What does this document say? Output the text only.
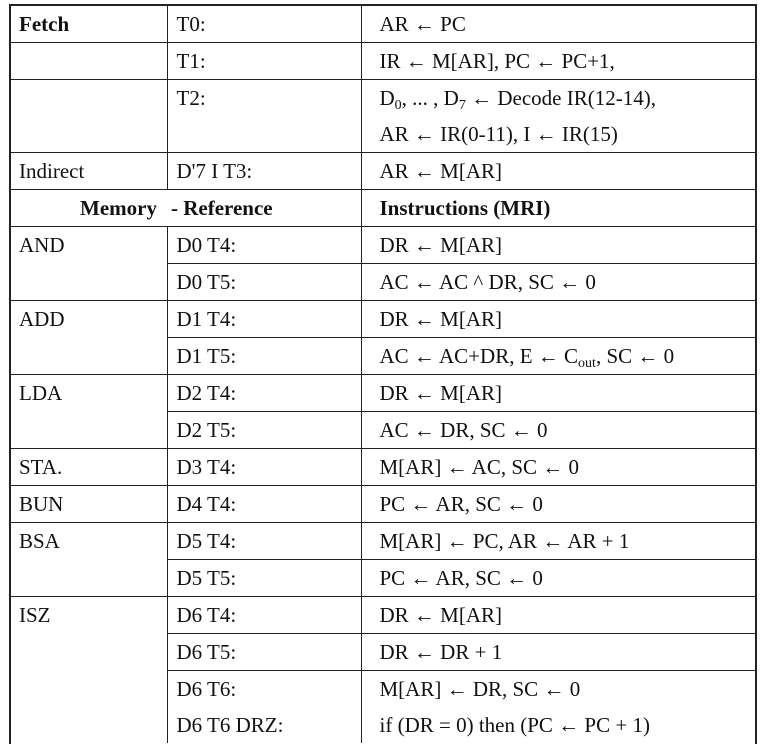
Fetch	T0:	AR ← PC
	T1:	IR ← M[AR], PC ← PC+1,
	T2:	$D_0$, ... , $D_7$ ← Decode IR(12-14),
AR ← IR(0-11), I ← IR(15)

Indirect	D'7 I T3:	AR ← M[AR]
Memory	- Reference	Instructions (MRI)
AND	D0 T4:	DR ← M[AR]
	D0 T5:	AC ← AC ^ DR, SC ← 0
ADD	D1 T4:	DR ← M[AR]
	D1 T5:	AC ← AC+DR, E ← $C_{out}$, SC ← 0
LDA	D2 T4:	DR ← M[AR]
	D2 T5:	AC ← DR, SC ← 0
STA.	D3 T4:	M[AR] ← AC, SC ← 0
BUN	D4 T4:	PC ← AR, SC ← 0
BSA	D5 T4:	M[AR] ← PC, AR ← AR + 1
	D5 T5:	PC ← AR, SC ← 0
ISZ	D6 T4:	DR ← M[AR]
	D6 T5:	DR ← DR + 1
	D6 T6:	M[AR] ← DR, SC ← 0
	D6 T6 DRZ:	if (DR = 0) then (PC ← PC + 1)
